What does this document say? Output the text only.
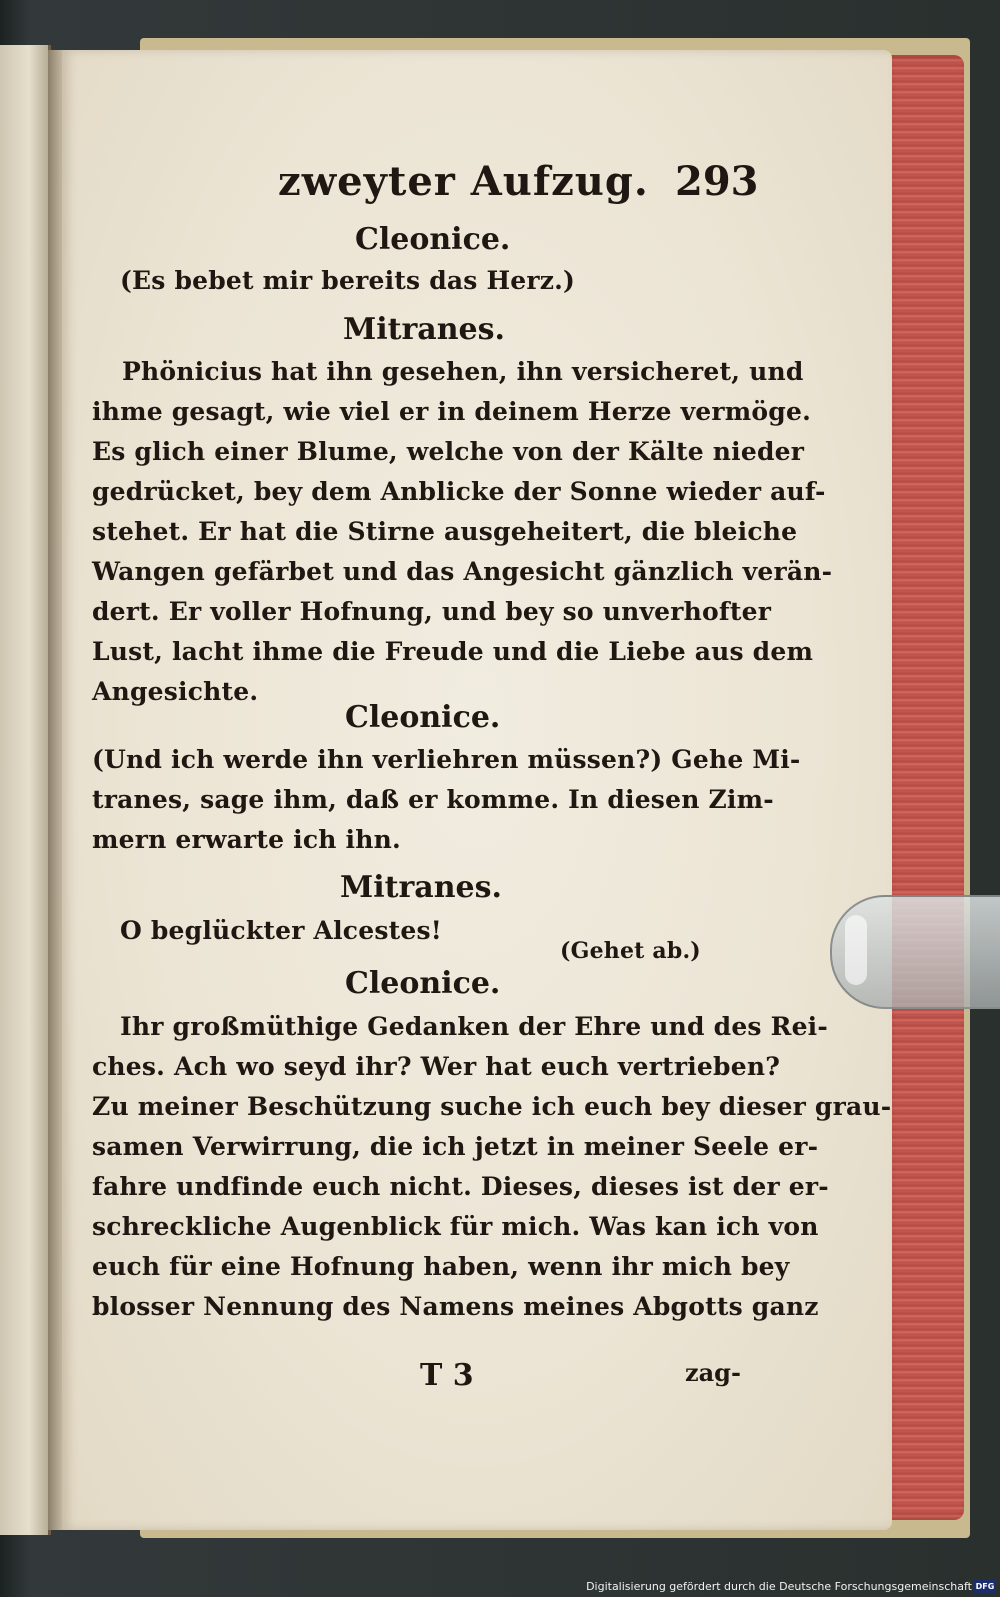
zweyter Aufzug. 293
Cleonice.
(Es bebet mir bereits das Herz.)
Mitranes.
Phönicius hat ihn gesehen, ihn versicheret, und
ihme gesagt, wie viel er in deinem Herze vermöge.
Es glich einer Blume, welche von der Kälte nieder
gedrücket, bey dem Anblicke der Sonne wieder auf-
stehet. Er hat die Stirne ausgeheitert, die bleiche
Wangen gefärbet und das Angesicht gänzlich verän-
dert. Er voller Hofnung, und bey so unverhofter
Lust, lacht ihme die Freude und die Liebe aus dem
Angesichte.
Cleonice.
(Und ich werde ihn verliehren müssen?) Gehe Mi-
tranes, sage ihm, daß er komme. In diesen Zim-
mern erwarte ich ihn.
Mitranes.
O beglückter Alcestes!
(Gehet ab.)
Cleonice.
Ihr großmüthige Gedanken der Ehre und des Rei-
ches. Ach wo seyd ihr? Wer hat euch vertrieben?
Zu meiner Beschützung suche ich euch bey dieser grau-
samen Verwirrung, die ich jetzt in meiner Seele er-
fahre undfinde euch nicht. Dieses, dieses ist der er-
schreckliche Augenblick für mich. Was kan ich von
euch für eine Hofnung haben, wenn ihr mich bey
blosser Nennung des Namens meines Abgotts ganz
T 3	zag-
Digitalisierung gefördert durch die Deutsche Forschungsgemeinschaft DFG
